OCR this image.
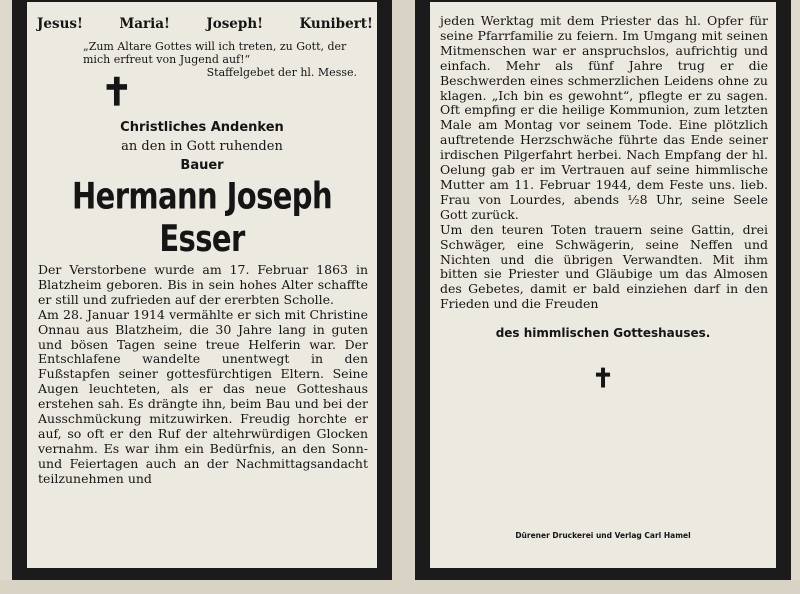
Jesus!	Maria!	Joseph!	Kunibert!
„Zum Altare Gottes will ich treten, zu Gott, der mich erfreut von Jugend auf!“
Staffelgebet der hl. Messe.
✝
Christliches Andenken
an den in Gott ruhenden
Bauer
Hermann Joseph Esser

Der Verstorbene wurde am 17. Februar 1863 in Blatzheim geboren. Bis in sein hohes Alter schaffte er still und zufrieden auf der ererbten Scholle.

Am 28. Januar 1914 vermählte er sich mit Christine Onnau aus Blatzheim, die 30 Jahre lang in guten und bösen Tagen seine treue Helferin war. Der Entschlafene wandelte unentwegt in den Fußstapfen seiner gottesfürchtigen Eltern. Seine Augen leuchteten, als er das neue Gotteshaus erstehen sah. Es drängte ihn, beim Bau und bei der Ausschmückung mitzuwirken. Freudig horchte er auf, so oft er den Ruf der altehrwürdigen Glocken vernahm. Es war ihm ein Bedürfnis, an den Sonn- und Feiertagen auch an der Nachmittagsandacht teilzunehmen und

jeden Werktag mit dem Priester das hl. Opfer für seine Pfarrfamilie zu feiern. Im Umgang mit seinen Mitmenschen war er anspruchslos, aufrichtig und einfach. Mehr als fünf Jahre trug er die Beschwerden eines schmerzlichen Leidens ohne zu klagen. „Ich bin es gewohnt“, pflegte er zu sagen. Oft empfing er die heilige Kommunion, zum letzten Male am Montag vor seinem Tode. Eine plötzlich auftretende Herzschwäche führte das Ende seiner irdischen Pilgerfahrt herbei. Nach Empfang der hl. Oelung gab er im Vertrauen auf seine himmlische Mutter am 11. Februar 1944, dem Feste uns. lieb. Frau von Lourdes, abends ½8 Uhr, seine Seele Gott zurück.

Um den teuren Toten trauern seine Gattin, drei Schwäger, eine Schwägerin, seine Neffen und Nichten und die übrigen Verwandten. Mit ihm bitten sie Priester und Gläubige um das Almosen des Gebetes, damit er bald einziehen darf in den Frieden und die Freuden

des himmlischen Gotteshauses.
✝
Dürener Druckerei und Verlag Carl Hamel
